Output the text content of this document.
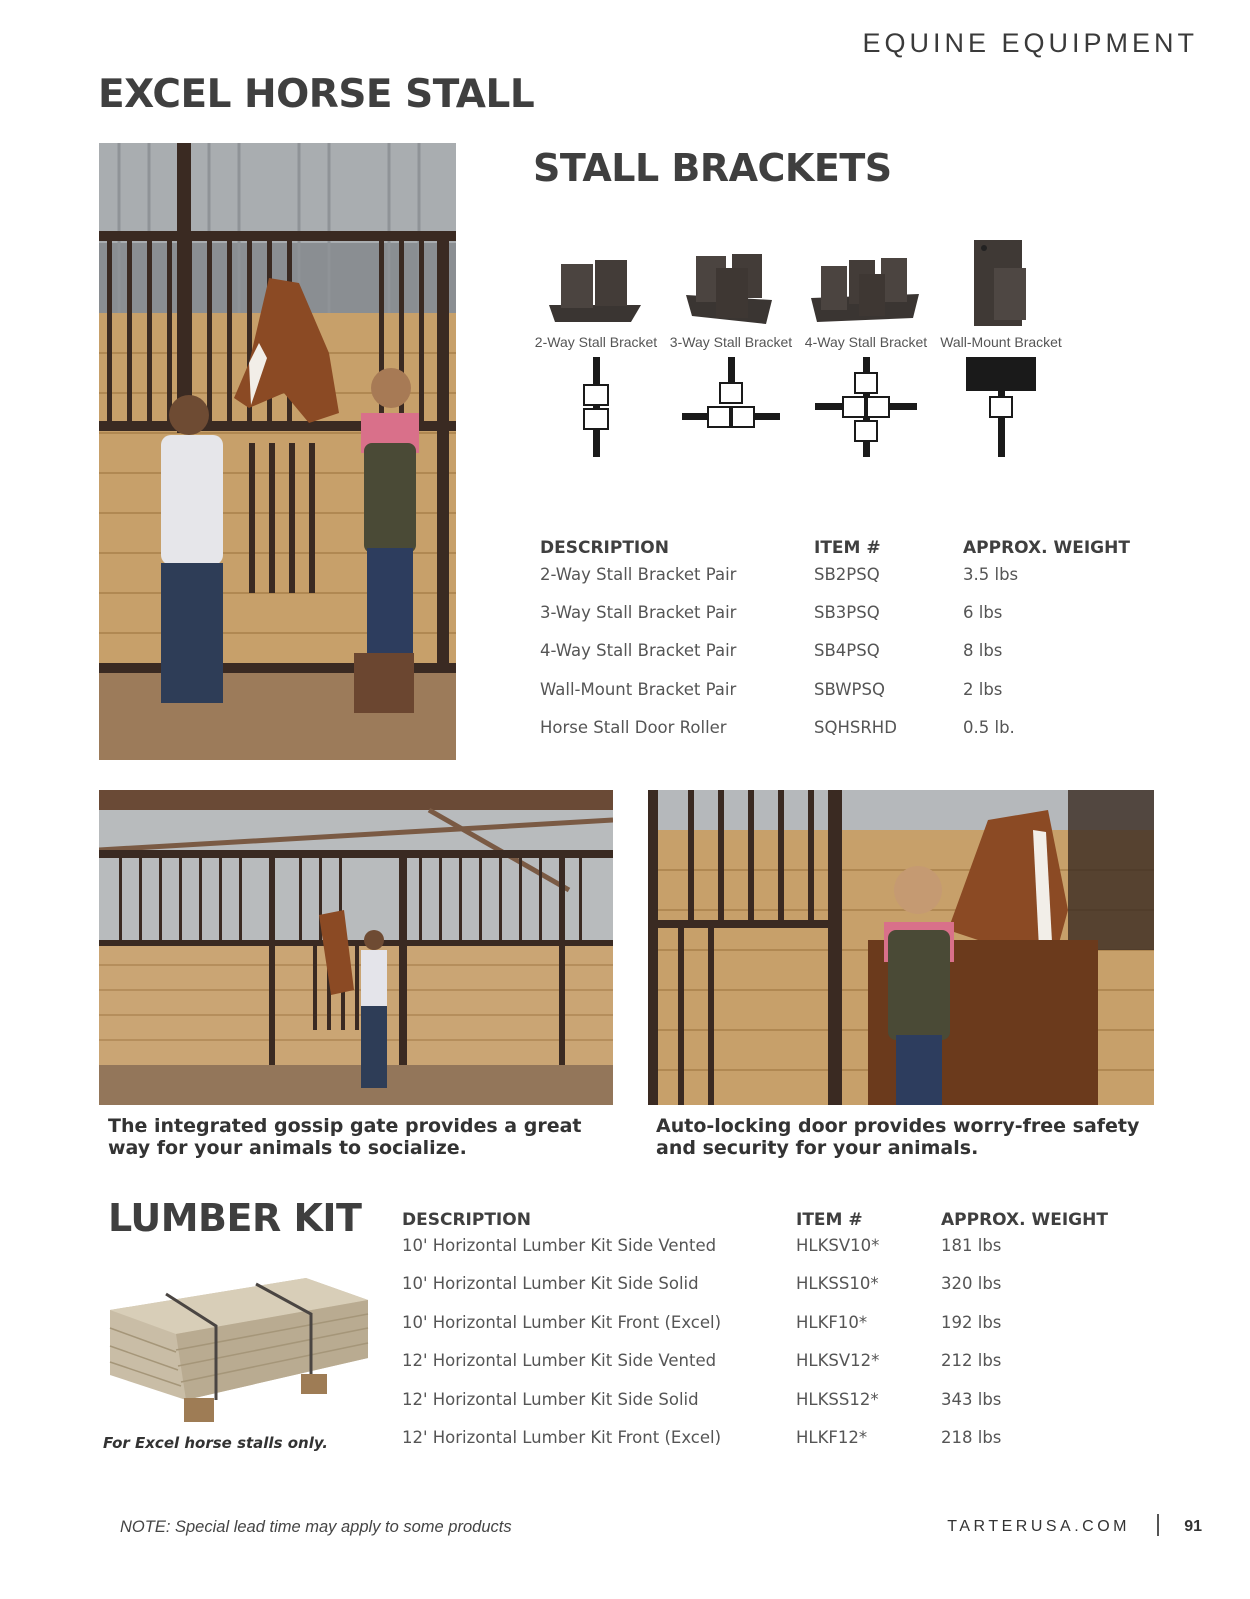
EQUINE EQUIPMENT
EXCEL HORSE STALL
STALL BRACKETS
2-Way Stall Bracket 3-Way Stall Bracket 4-Way Stall Bracket Wall-Mount Bracket
DESCRIPTION	ITEM #	APPROX. WEIGHT
2-Way Stall Bracket Pair	SB2PSQ	3.5 lbs
3-Way Stall Bracket Pair	SB3PSQ	6 lbs
4-Way Stall Bracket Pair	SB4PSQ	8 lbs
Wall-Mount Bracket Pair	SBWPSQ	2 lbs
Horse Stall Door Roller	SQHSRHD	0.5 lb.
The integrated gossip gate provides a great way for your animals to socialize.
Auto-locking door provides worry-free safety and security for your animals.
LUMBER KIT
For Excel horse stalls only.
DESCRIPTION	ITEM #	APPROX. WEIGHT
10' Horizontal Lumber Kit Side Vented	HLKSV10*	181 lbs
10' Horizontal Lumber Kit Side Solid	HLKSS10*	320 lbs
10' Horizontal Lumber Kit Front (Excel)	HLKF10*	192 lbs
12' Horizontal Lumber Kit Side Vented	HLKSV12*	212 lbs
12' Horizontal Lumber Kit Side Solid	HLKSS12*	343 lbs
12' Horizontal Lumber Kit Front (Excel)	HLKF12*	218 lbs
NOTE: Special lead time may apply to some products	TARTERUSA.COM	91
